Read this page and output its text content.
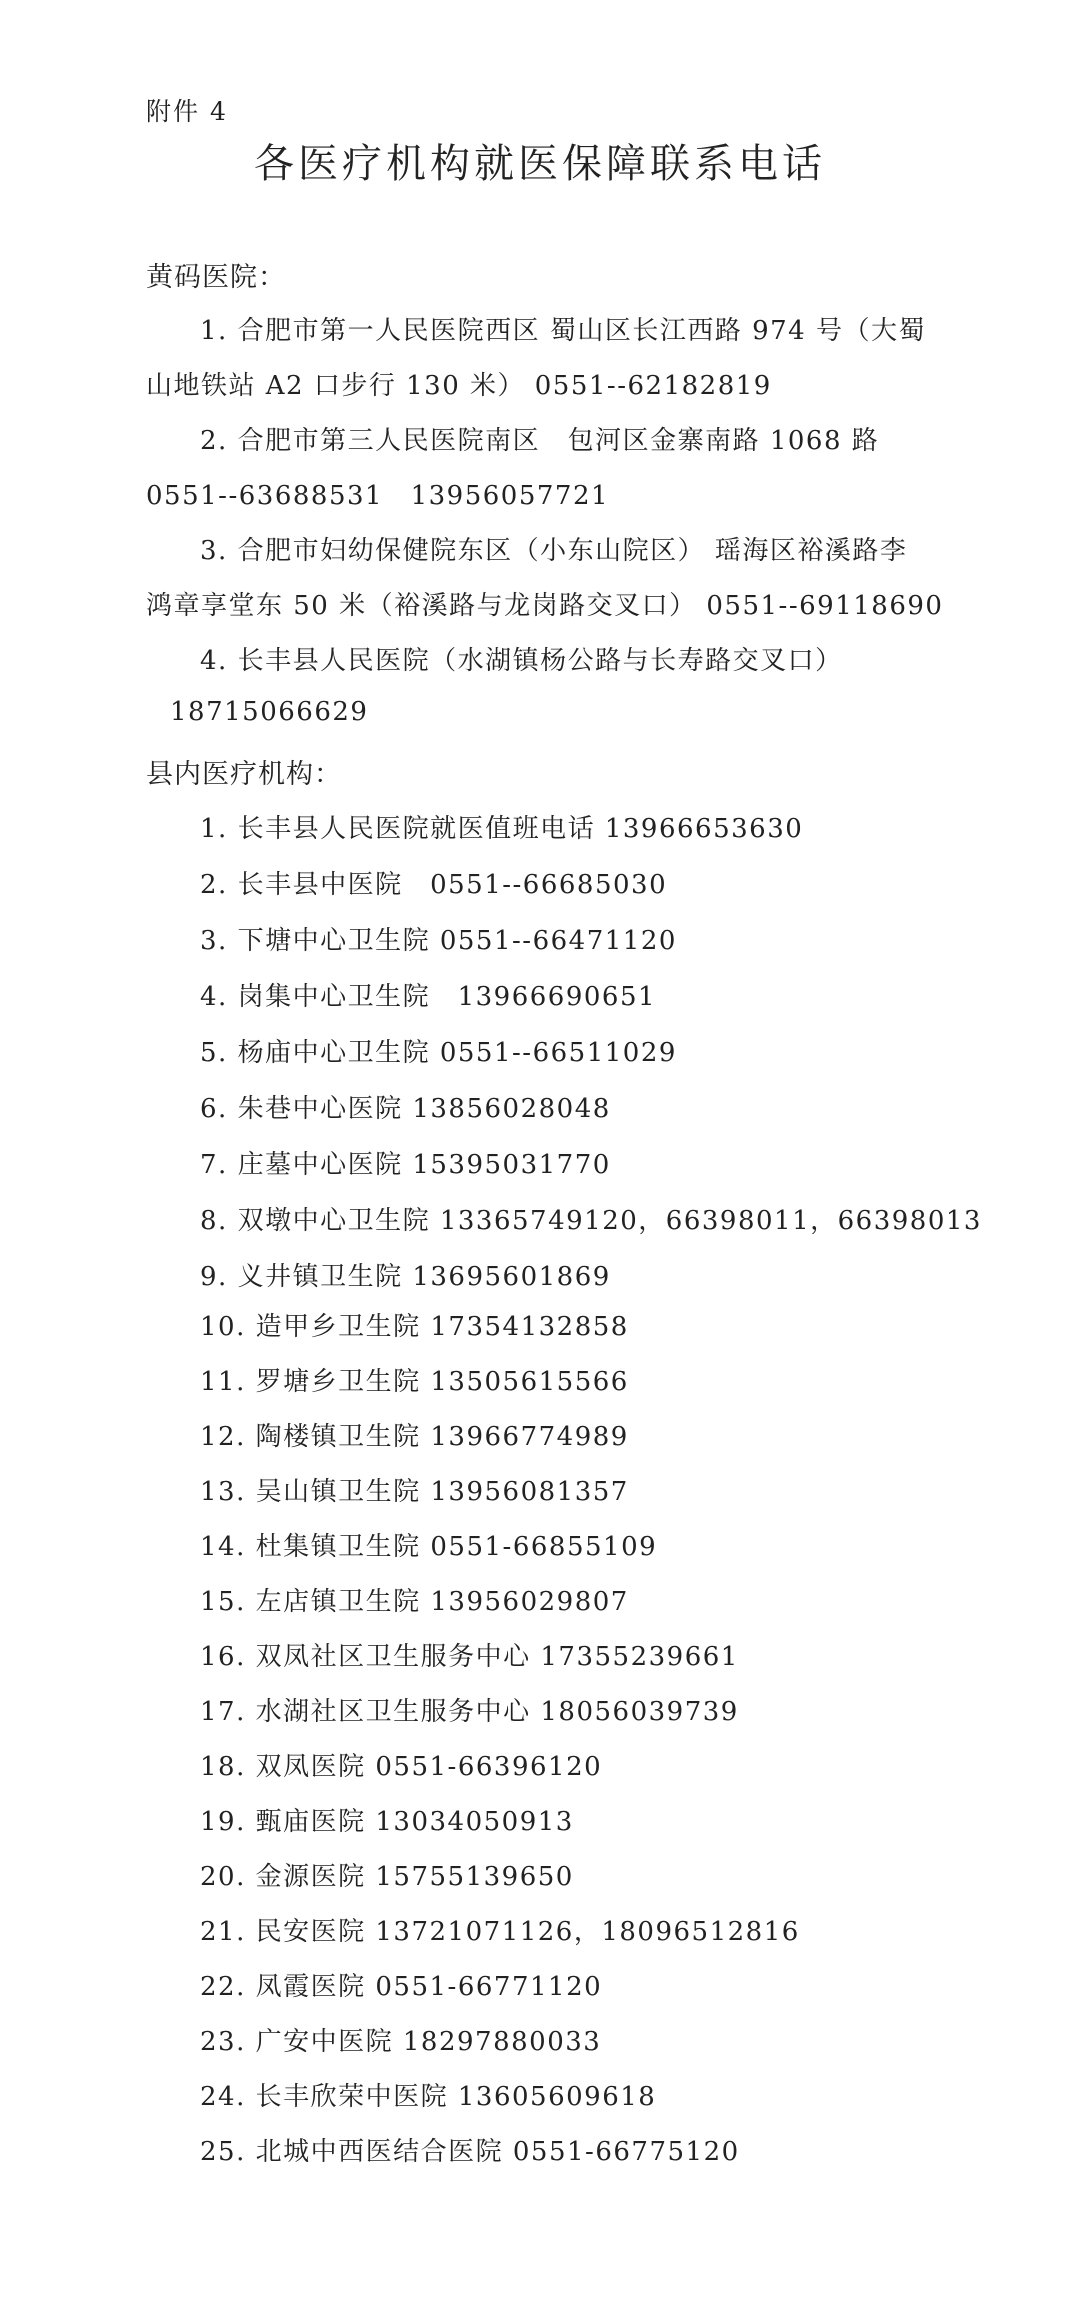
附件 4
各医疗机构就医保障联系电话
黄码医院：
1. 合肥市第一人民医院西区 蜀山区长江西路 974 号（大蜀
山地铁站 A2 口步行 130 米） 0551--62182819
2. 合肥市第三人民医院南区　包河区金寨南路 1068 路
0551--63688531　13956057721
3. 合肥市妇幼保健院东区（小东山院区） 瑶海区裕溪路李
鸿章享堂东 50 米（裕溪路与龙岗路交叉口） 0551--69118690
4. 长丰县人民医院（水湖镇杨公路与长寿路交叉口）
18715066629
县内医疗机构：
1. 长丰县人民医院就医值班电话 13966653630
2. 长丰县中医院　0551--66685030
3. 下塘中心卫生院 0551--66471120
4. 岗集中心卫生院　13966690651
5. 杨庙中心卫生院 0551--66511029
6. 朱巷中心医院 13856028048
7. 庄墓中心医院 15395031770
8. 双墩中心卫生院 13365749120，66398011，66398013
9. 义井镇卫生院 13695601869
10. 造甲乡卫生院 17354132858
11. 罗塘乡卫生院 13505615566
12. 陶楼镇卫生院 13966774989
13. 吴山镇卫生院 13956081357
14. 杜集镇卫生院 0551-66855109
15. 左店镇卫生院 13956029807
16. 双凤社区卫生服务中心 17355239661
17. 水湖社区卫生服务中心 18056039739
18. 双凤医院 0551-66396120
19. 甄庙医院 13034050913
20. 金源医院 15755139650
21. 民安医院 13721071126，18096512816
22. 凤霞医院 0551-66771120
23. 广安中医院 18297880033
24. 长丰欣荣中医院 13605609618
25. 北城中西医结合医院 0551-66775120
